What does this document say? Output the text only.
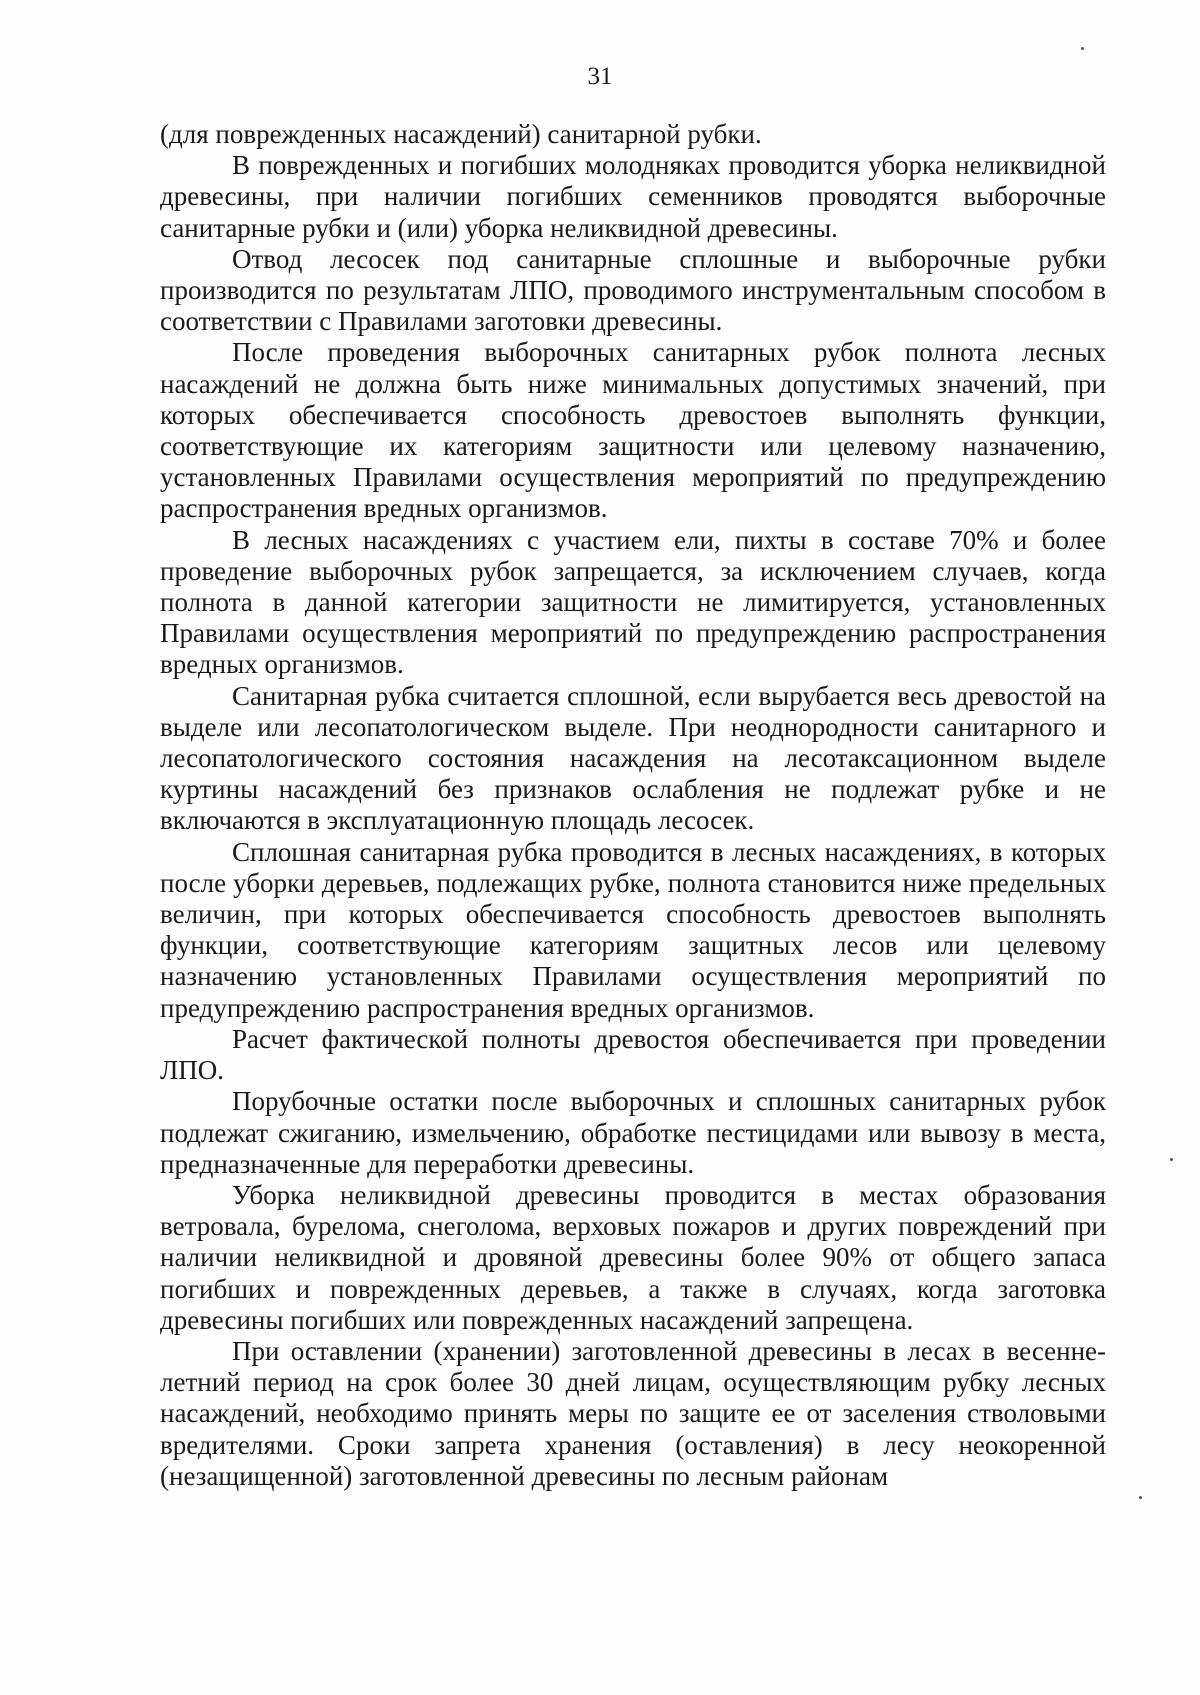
31

(для поврежденных насаждений) санитарной рубки.

В поврежденных и погибших молодняках проводится уборка неликвидной древесины, при наличии погибших семенников проводятся выборочные санитарные рубки и (или) уборка неликвидной древесины.

Отвод лесосек под санитарные сплошные и выборочные рубки производится по результатам ЛПО, проводимого инструментальным способом в соответствии с Правилами заготовки древесины.

После проведения выборочных санитарных рубок полнота лесных насаждений не должна быть ниже минимальных допустимых значений, при которых обеспечивается способность древостоев выполнять функции, соответствующие их категориям защитности или целевому назначению, установленных Правилами осуществления мероприятий по предупреждению распространения вредных организмов.

В лесных насаждениях с участием ели, пихты в составе 70% и более проведение выборочных рубок запрещается, за исключением случаев, когда полнота в данной категории защитности не лимитируется, установленных Правилами осуществления мероприятий по предупреждению распространения вредных организмов.

Санитарная рубка считается сплошной, если вырубается весь древостой на выделе или лесопатологическом выделе. При неоднородности санитарного и лесопатологического состояния насаждения на лесотаксационном выделе куртины насаждений без признаков ослабления не подлежат рубке и не включаются в эксплуатационную площадь лесосек.

Сплошная санитарная рубка проводится в лесных насаждениях, в которых после уборки деревьев, подлежащих рубке, полнота становится ниже предельных величин, при которых обеспечивается способность древостоев выполнять функции, соответствующие категориям защитных лесов или целевому назначению установленных Правилами осуществления мероприятий по предупреждению распространения вредных организмов.

Расчет фактической полноты древостоя обеспечивается при проведении ЛПО.

Порубочные остатки после выборочных и сплошных санитарных рубок подлежат сжиганию, измельчению, обработке пестицидами или вывозу в места, предназначенные для переработки древесины.

Уборка неликвидной древесины проводится в местах образования ветровала, бурелома, снеголома, верховых пожаров и других повреждений при наличии неликвидной и дровяной древесины более 90% от общего запаса погибших и поврежденных деревьев, а также в случаях, когда заготовка древесины погибших или поврежденных насаждений запрещена.

При оставлении (хранении) заготовленной древесины в лесах в весенне-летний период на срок более 30 дней лицам, осуществляющим рубку лесных насаждений, необходимо принять меры по защите ее от заселения стволовыми вредителями. Сроки запрета хранения (оставления) в лесу неокоренной (незащищенной) заготовленной древесины по лесным районам
